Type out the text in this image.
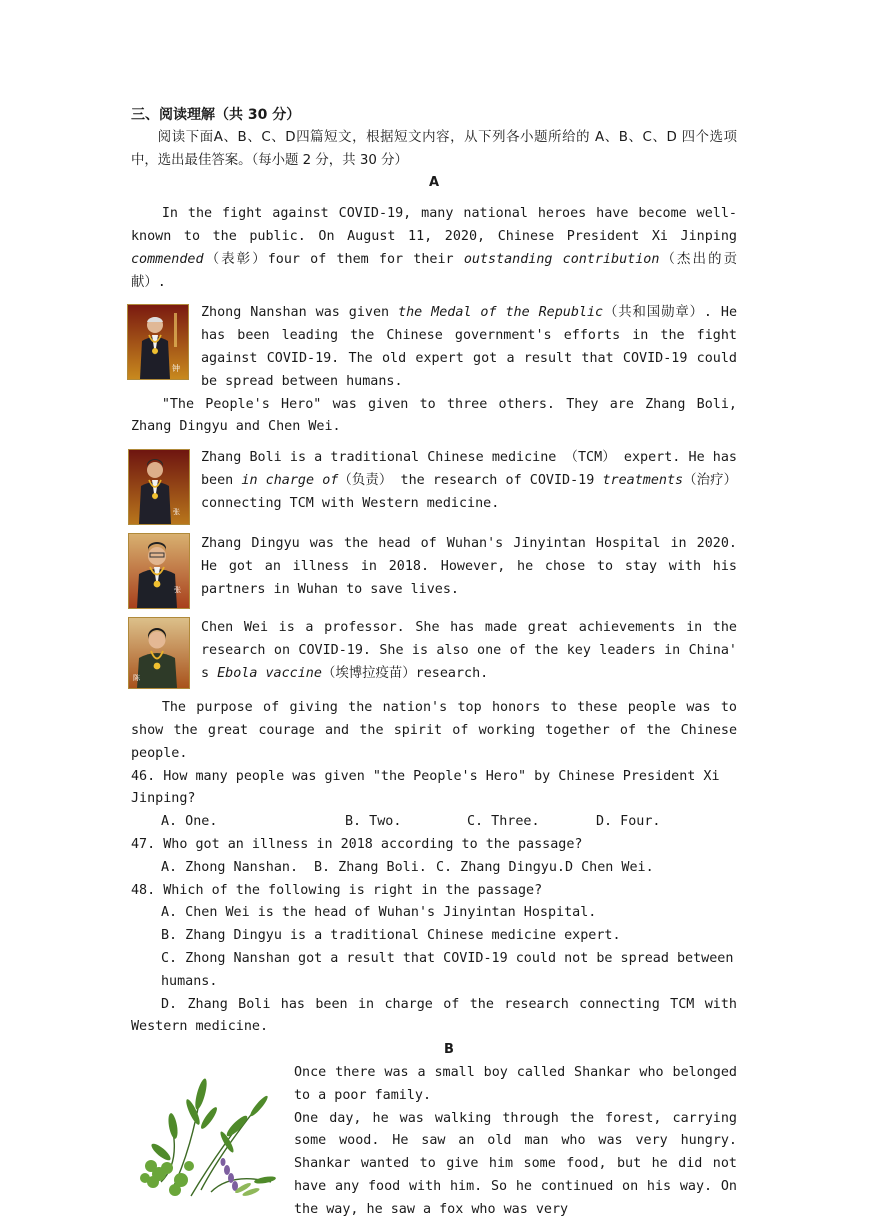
三、阅读理解（共 30 分）

阅读下面A、B、C、D四篇短文，根据短文内容，从下列各小题所给的 A、B、C、D 四个选项中，选出最佳答案。（每小题 2 分，共 30 分）

A

In the fight against COVID-19, many national heroes have become well-known to the public. On August 11, 2020, Chinese President Xi Jinping commended（表彰）four of them for their outstanding contribution（杰出的贡献）.

钟

Zhong Nanshan was given the Medal of the Republic（共和国勋章）. He has been leading the Chinese government's efforts in the fight against COVID-19. The old expert got a result that COVID-19 could be spread between humans.

"The People's Hero" was given to three others. They are Zhang Boli, Zhang Dingyu and Chen Wei.

张

Zhang Boli is a traditional Chinese medicine （TCM） expert. He has been in charge of（负责） the research of COVID-19 treatments（治疗）connecting TCM with Western medicine.

张

Zhang Dingyu was the head of Wuhan's Jinyintan Hospital in 2020. He got an illness in 2018. However, he chose to stay with his partners in Wuhan to save lives.

陈

Chen Wei is a professor. She has made great achievements in the research on COVID-19. She is also one of the key leaders in China' s Ebola vaccine（埃博拉疫苗）research.

The purpose of giving the nation's top honors to these people was to show the great courage and the spirit of working together of the Chinese people.

46. How many people was given "the People's Hero" by Chinese President Xi Jinping?

A. One.	B. Two.	C. Three.	D. Four.

47. Who got an illness in 2018 according to the passage?

A. Zhong Nanshan.	B. Zhang Boli. C. Zhang Dingyu. D Chen Wei.

48. Which of the following is right in the passage?

A. Chen Wei is the head of Wuhan's Jinyintan Hospital.

B. Zhang Dingyu is a traditional Chinese medicine expert.

C. Zhong Nanshan got a result that COVID-19 could not be spread between humans.

D. Zhang Boli has been in charge of the research connecting TCM with Western medicine.

B

Once there was a small boy called Shankar who belonged to a poor family.

One day, he was walking through the forest, carrying some wood. He saw an old man who was very hungry. Shankar wanted to give him some food, but he did not have any food with him. So he continued on his way. On the way, he saw a fox who was very
